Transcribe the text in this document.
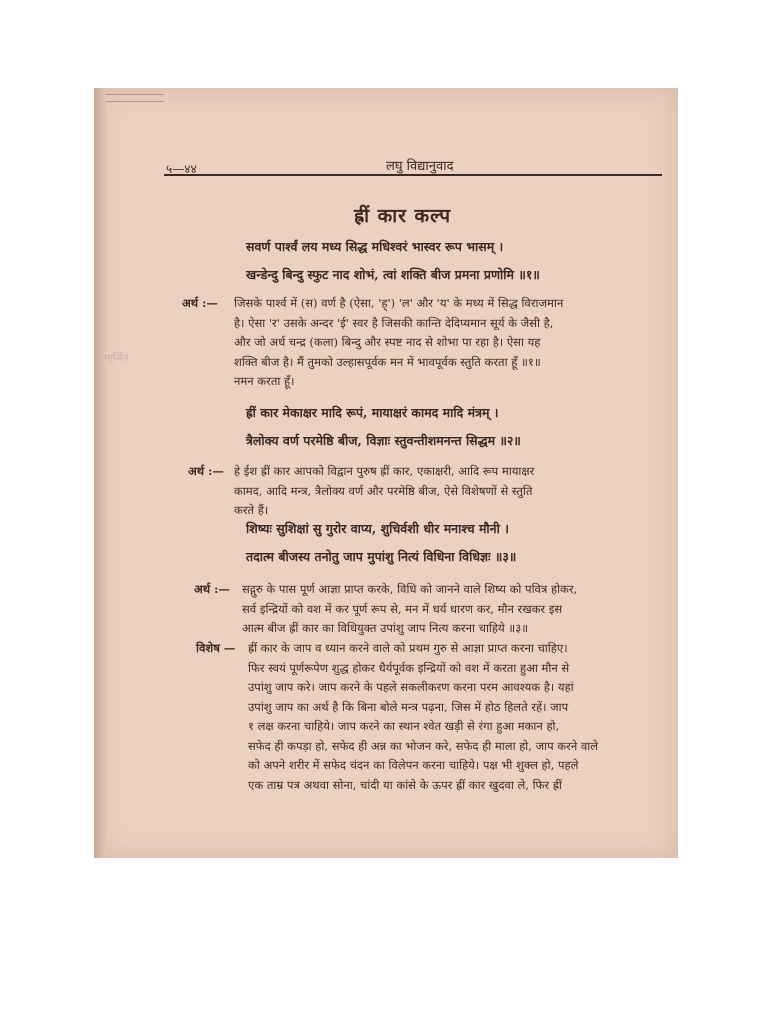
५—४४	लघु विद्यानुवाद
ह्रीं कार कल्प
सवर्ण पार्श्वं लय मध्य सिद्ध मधिश्वरं भास्वर रूप भासम् ।
खन्डेन्दु बिन्दु स्फुट नाद शोभं, त्वां शक्ति बीज प्रमना प्रणोमि ॥१॥
अर्थ :— जिसके पार्श्व में (स) वर्ण है (ऐसा, 'ह्') 'ल' और 'य' के मध्य में सिद्ध विराजमान
है। ऐसा 'र' उसके अन्दर 'ई' स्वर है जिसकी कान्ति देदिप्यमान सूर्य के जैसी है,
और जो अर्ध चन्द्र (कला) बिन्दु और स्पष्ट नाद से शोभा पा रहा है। ऐसा यह
शक्ति बीज है। मैं तुमको उल्हासपूर्वक मन में भावपूर्वक स्तुति करता हूँ ॥१॥
नमन करता हूँ।
ह्रीं कार मेकाक्षर मादि रूपं, मायाक्षरं कामद मादि मंत्रम् ।
त्रैलोक्य वर्ण परमेष्ठि बीज, विज्ञाः स्तुवन्तीशमनन्त सिद्धम ॥२॥
अर्थ :— हे ईश ह्रीं कार आपको विद्वान पुरुष ह्रीं कार, एकाक्षरी, आदि रूप मायाक्षर
कामद, आदि मन्त्र, त्रैलोक्य वर्ण और परमेष्ठि बीज, ऐसे विशेषणों से स्तुति
करते हैं।
शिष्यः सुशिक्षां सु गुरोर वाप्य, शुचिर्वशी धीर मनाश्च मौनी ।
तदात्म बीजस्य तनोतु जाप मुपांशु नित्यं विधिना विधिज्ञः ॥३॥
अर्थ :— सद्गुरु के पास पूर्ण आज्ञा प्राप्त करके, विधि को जानने वाले शिष्य को पवित्र होकर,
सर्व इन्द्रियों को वश में कर पूर्ण रूप से, मन में धर्य धारण कर, मौन रखकर इस
आत्म बीज ह्रीं कार का विधियुक्त उपांशु जाप नित्य करना चाहिये ॥३॥
विशेष — ह्रीं कार के जाप व ध्यान करने वाले को प्रथम गुरु से आज्ञा प्राप्त करना चाहिए।
फिर स्वयं पूर्णरूपेण शुद्ध होकर धैर्यपूर्वक इन्द्रियों को वश में करता हुआ मौन से
उपांशु जाप करे। जाप करने के पहले सकलीकरण करना परम आवश्यक है। यहां
उपांशु जाप का अर्थ है कि बिना बोले मन्त्र पढ़ना, जिस में होठ हिलते रहें। जाप
१ लक्ष करना चाहिये। जाप करने का स्थान श्वेत खड़ी से रंगा हुआ मकान हो,
सफेद ही कपड़ा हो, सफेद ही अन्न का भोजन करे, सफेद ही माला हो, जाप करने वाले
को अपने शरीर में सफेद चंदन का विलेपन करना चाहिये। पक्ष भी शुक्ल हो, पहले
एक ताम्र पत्र अथवा सोना, चांदी या कांसे के ऊपर ह्रीं कार खुदवा ले, फिर ह्रीं
मार्जिन
